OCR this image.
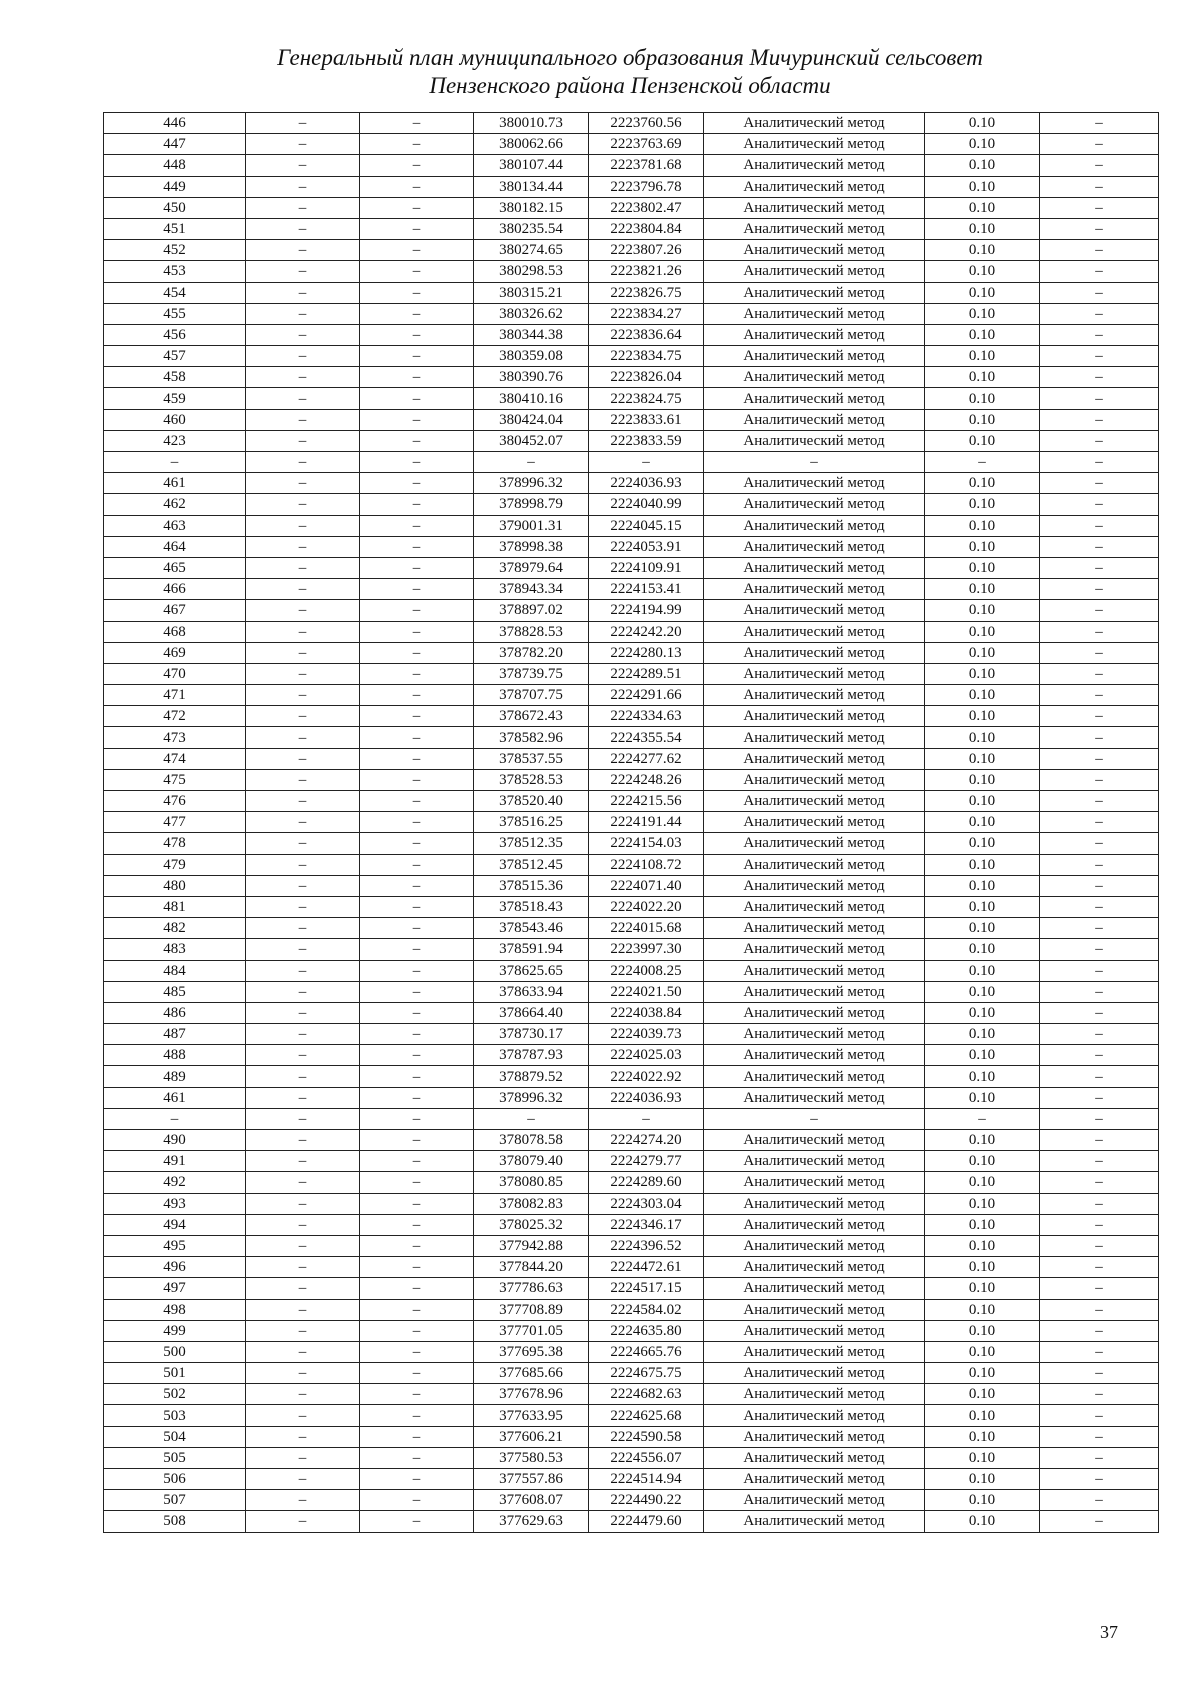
Генеральный план муниципального образования Мичуринский сельсовет
Пензенского района Пензенской области
446	–	–	380010.73	2223760.56	Аналитический метод	0.10	–
447	–	–	380062.66	2223763.69	Аналитический метод	0.10	–
448	–	–	380107.44	2223781.68	Аналитический метод	0.10	–
449	–	–	380134.44	2223796.78	Аналитический метод	0.10	–
450	–	–	380182.15	2223802.47	Аналитический метод	0.10	–
451	–	–	380235.54	2223804.84	Аналитический метод	0.10	–
452	–	–	380274.65	2223807.26	Аналитический метод	0.10	–
453	–	–	380298.53	2223821.26	Аналитический метод	0.10	–
454	–	–	380315.21	2223826.75	Аналитический метод	0.10	–
455	–	–	380326.62	2223834.27	Аналитический метод	0.10	–
456	–	–	380344.38	2223836.64	Аналитический метод	0.10	–
457	–	–	380359.08	2223834.75	Аналитический метод	0.10	–
458	–	–	380390.76	2223826.04	Аналитический метод	0.10	–
459	–	–	380410.16	2223824.75	Аналитический метод	0.10	–
460	–	–	380424.04	2223833.61	Аналитический метод	0.10	–
423	–	–	380452.07	2223833.59	Аналитический метод	0.10	–
–	–	–	–	–	–	–	–
461	–	–	378996.32	2224036.93	Аналитический метод	0.10	–
462	–	–	378998.79	2224040.99	Аналитический метод	0.10	–
463	–	–	379001.31	2224045.15	Аналитический метод	0.10	–
464	–	–	378998.38	2224053.91	Аналитический метод	0.10	–
465	–	–	378979.64	2224109.91	Аналитический метод	0.10	–
466	–	–	378943.34	2224153.41	Аналитический метод	0.10	–
467	–	–	378897.02	2224194.99	Аналитический метод	0.10	–
468	–	–	378828.53	2224242.20	Аналитический метод	0.10	–
469	–	–	378782.20	2224280.13	Аналитический метод	0.10	–
470	–	–	378739.75	2224289.51	Аналитический метод	0.10	–
471	–	–	378707.75	2224291.66	Аналитический метод	0.10	–
472	–	–	378672.43	2224334.63	Аналитический метод	0.10	–
473	–	–	378582.96	2224355.54	Аналитический метод	0.10	–
474	–	–	378537.55	2224277.62	Аналитический метод	0.10	–
475	–	–	378528.53	2224248.26	Аналитический метод	0.10	–
476	–	–	378520.40	2224215.56	Аналитический метод	0.10	–
477	–	–	378516.25	2224191.44	Аналитический метод	0.10	–
478	–	–	378512.35	2224154.03	Аналитический метод	0.10	–
479	–	–	378512.45	2224108.72	Аналитический метод	0.10	–
480	–	–	378515.36	2224071.40	Аналитический метод	0.10	–
481	–	–	378518.43	2224022.20	Аналитический метод	0.10	–
482	–	–	378543.46	2224015.68	Аналитический метод	0.10	–
483	–	–	378591.94	2223997.30	Аналитический метод	0.10	–
484	–	–	378625.65	2224008.25	Аналитический метод	0.10	–
485	–	–	378633.94	2224021.50	Аналитический метод	0.10	–
486	–	–	378664.40	2224038.84	Аналитический метод	0.10	–
487	–	–	378730.17	2224039.73	Аналитический метод	0.10	–
488	–	–	378787.93	2224025.03	Аналитический метод	0.10	–
489	–	–	378879.52	2224022.92	Аналитический метод	0.10	–
461	–	–	378996.32	2224036.93	Аналитический метод	0.10	–
–	–	–	–	–	–	–	–
490	–	–	378078.58	2224274.20	Аналитический метод	0.10	–
491	–	–	378079.40	2224279.77	Аналитический метод	0.10	–
492	–	–	378080.85	2224289.60	Аналитический метод	0.10	–
493	–	–	378082.83	2224303.04	Аналитический метод	0.10	–
494	–	–	378025.32	2224346.17	Аналитический метод	0.10	–
495	–	–	377942.88	2224396.52	Аналитический метод	0.10	–
496	–	–	377844.20	2224472.61	Аналитический метод	0.10	–
497	–	–	377786.63	2224517.15	Аналитический метод	0.10	–
498	–	–	377708.89	2224584.02	Аналитический метод	0.10	–
499	–	–	377701.05	2224635.80	Аналитический метод	0.10	–
500	–	–	377695.38	2224665.76	Аналитический метод	0.10	–
501	–	–	377685.66	2224675.75	Аналитический метод	0.10	–
502	–	–	377678.96	2224682.63	Аналитический метод	0.10	–
503	–	–	377633.95	2224625.68	Аналитический метод	0.10	–
504	–	–	377606.21	2224590.58	Аналитический метод	0.10	–
505	–	–	377580.53	2224556.07	Аналитический метод	0.10	–
506	–	–	377557.86	2224514.94	Аналитический метод	0.10	–
507	–	–	377608.07	2224490.22	Аналитический метод	0.10	–
508	–	–	377629.63	2224479.60	Аналитический метод	0.10	–
37
